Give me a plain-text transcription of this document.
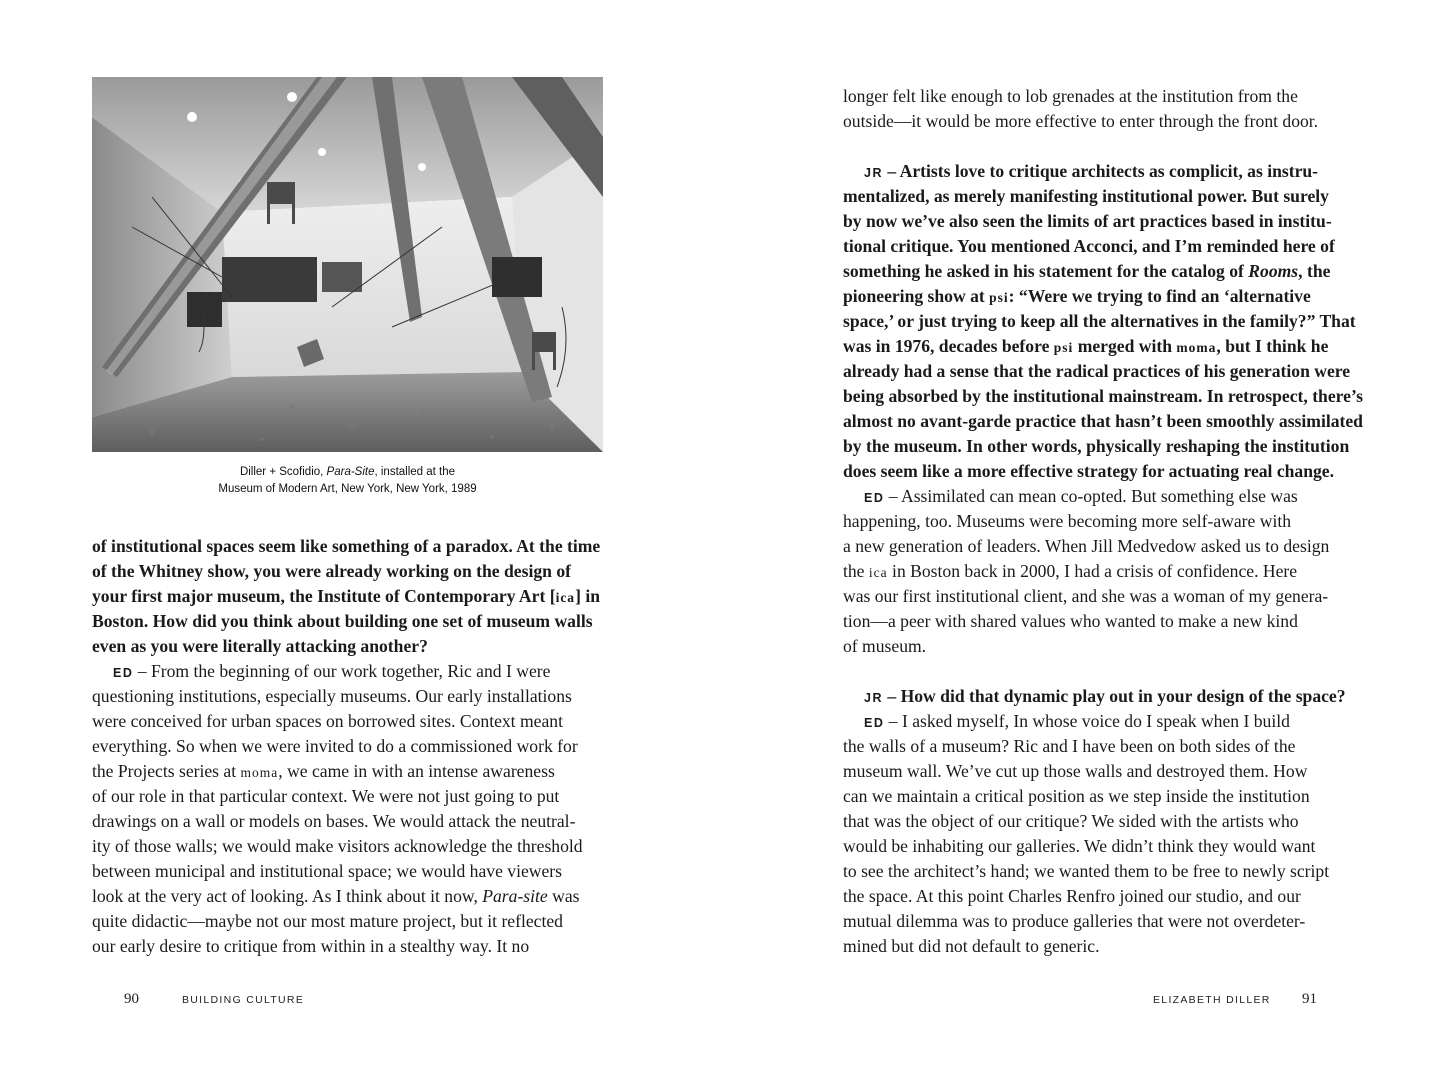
Diller + Scofidio, Para-Site, installed at the
Museum of Modern Art, New York, New York, 1989
of institutional spaces seem like something of a paradox. At the time
of the Whitney show, you were already working on the design of
your first major museum, the Institute of Contemporary Art [ica] in
Boston. How did you think about building one set of museum walls
even as you were literally attacking another?
ED – From the beginning of our work together, Ric and I were
questioning institutions, especially museums. Our early installations
were conceived for urban spaces on borrowed sites. Context meant
everything. So when we were invited to do a commissioned work for
the Projects series at moma, we came in with an intense awareness
of our role in that particular context. We were not just going to put
drawings on a wall or models on bases. We would attack the neutral-
ity of those walls; we would make visitors acknowledge the threshold
between municipal and institutional space; we would have viewers
look at the very act of looking. As I think about it now, Para-site was
quite didactic—maybe not our most mature project, but it reflected
our early desire to critique from within in a stealthy way. It no
longer felt like enough to lob grenades at the institution from the
outside—it would be more effective to enter through the front door.
JR – Artists love to critique architects as complicit, as instru-
mentalized, as merely manifesting institutional power. But surely
by now we’ve also seen the limits of art practices based in institu-
tional critique. You mentioned Acconci, and I’m reminded here of
something he asked in his statement for the catalog of Rooms, the
pioneering show at psi: “Were we trying to find an ‘alternative
space,’ or just trying to keep all the alternatives in the family?” That
was in 1976, decades before psi merged with moma, but I think he
already had a sense that the radical practices of his generation were
being absorbed by the institutional mainstream. In retrospect, there’s
almost no avant-garde practice that hasn’t been smoothly assimilated
by the museum. In other words, physically reshaping the institution
does seem like a more effective strategy for actuating real change.
ED – Assimilated can mean co-opted. But something else was
happening, too. Museums were becoming more self-aware with
a new generation of leaders. When Jill Medvedow asked us to design
the ica in Boston back in 2000, I had a crisis of confidence. Here
was our first institutional client, and she was a woman of my genera-
tion—a peer with shared values who wanted to make a new kind
of museum.
JR – How did that dynamic play out in your design of the space?
ED – I asked myself, In whose voice do I speak when I build
the walls of a museum? Ric and I have been on both sides of the
museum wall. We’ve cut up those walls and destroyed them. How
can we maintain a critical position as we step inside the institution
that was the object of our critique? We sided with the artists who
would be inhabiting our galleries. We didn’t think they would want
to see the architect’s hand; we wanted them to be free to newly script
the space. At this point Charles Renfro joined our studio, and our
mutual dilemma was to produce galleries that were not overdeter-
mined but did not default to generic.
90	BUILDING CULTURE	ELIZABETH DILLER 91
